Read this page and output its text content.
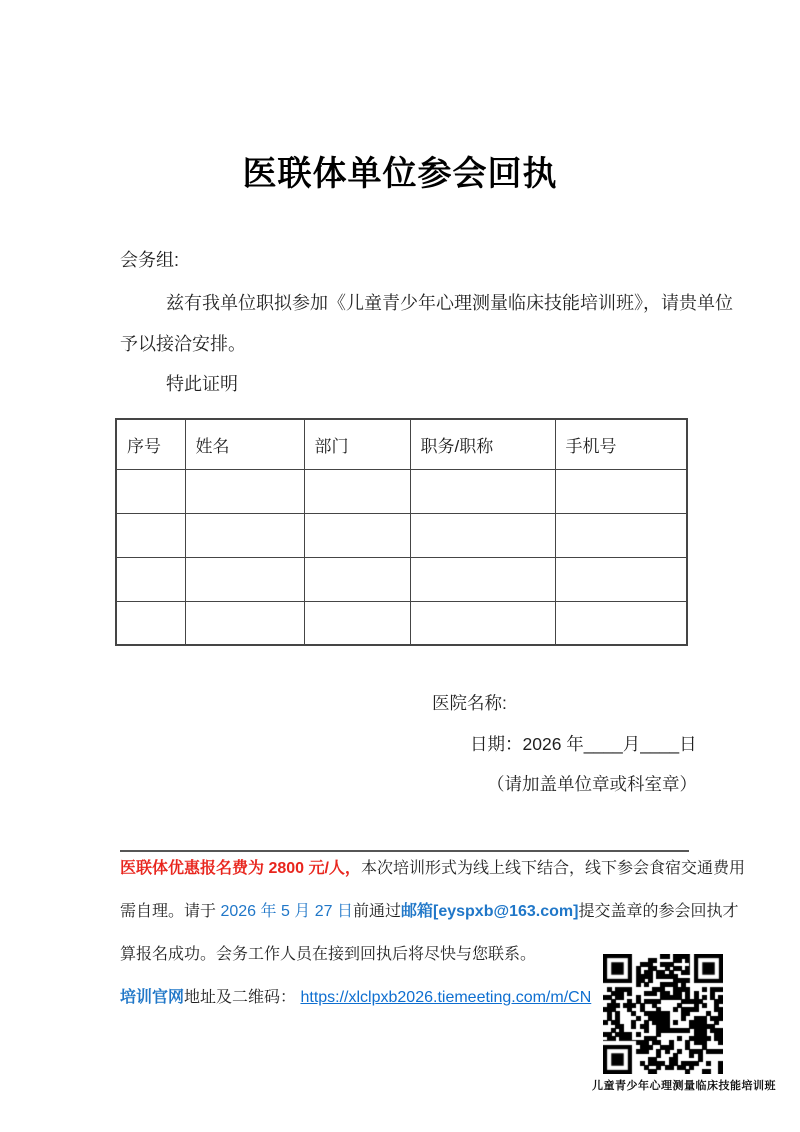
医联体单位参会回执
会务组:
兹有我单位职拟参加《儿童青少年心理测量临床技能培训班》，请贵单位
予以接洽安排。
特此证明
序号	姓名	部门	职务/职称	手机号

医院名称:
日期：2026 年____月____日
（请加盖单位章或科室章）
医联体优惠报名费为 2800 元/人，本次培训形式为线上线下结合，线下参会食宿交通费用
需自理。请于 2026 年 5 月 27 日前通过邮箱[eyspxb@163.com]提交盖章的参会回执才
算报名成功。会务工作人员在接到回执后将尽快与您联系。
培训官网地址及二维码： https://xlclpxb2026.tiemeeting.com/m/CN
儿童青少年心理测量临床技能培训班
